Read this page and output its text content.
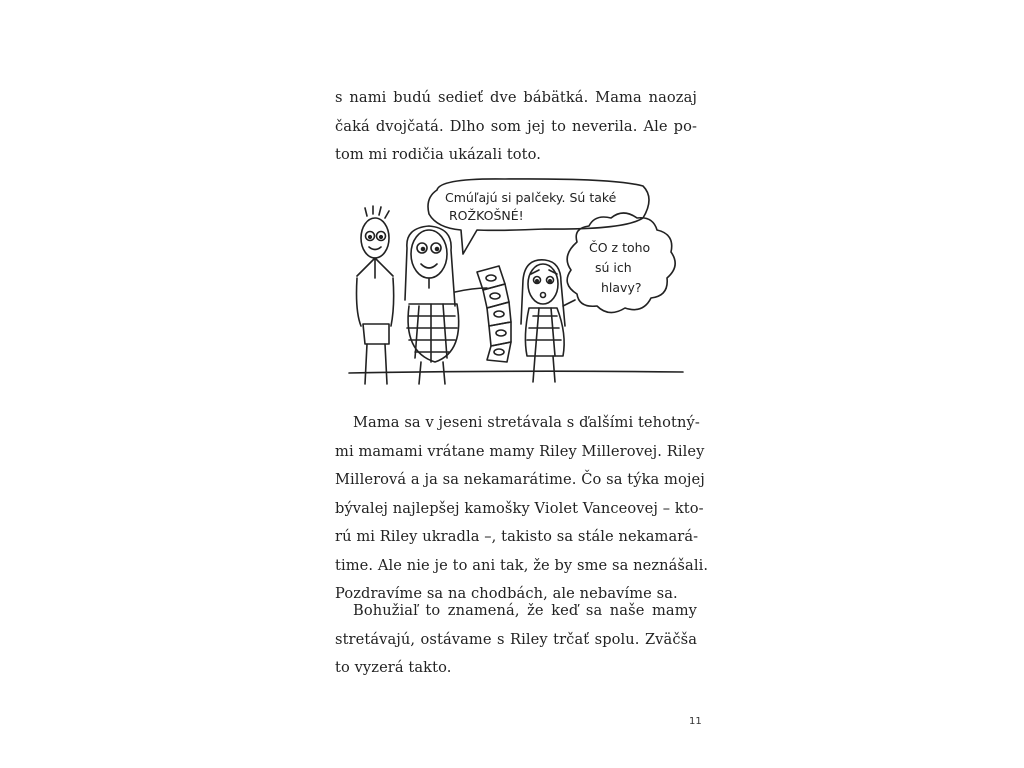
s nami budú sedieť dve bábätká. Mama naozaj
čaká dvojčatá. Dlho som jej to neverila. Ale po-
tom mi rodičia ukázali toto.
Cmúľajú si palčeky. Sú také
ROŽKOŠNÉ!
ČO z toho
sú ich
hlavy?
Mama sa v jeseni stretávala s ďalšími tehotný-
mi mamami vrátane mamy Riley Millerovej. Riley
Millerová a ja sa nekamarátime. Čo sa týka mojej
bývalej najlepšej kamošky Violet Vanceovej – kto-
rú mi Riley ukradla –, takisto sa stále nekamará-
time. Ale nie je to ani tak, že by sme sa neznášali.
Pozdravíme sa na chodbách, ale nebavíme sa.
Bohužiaľ to znamená, že keď sa naše mamy
stretávajú, ostávame s Riley trčať spolu. Zväčša
to vyzerá takto.
11
